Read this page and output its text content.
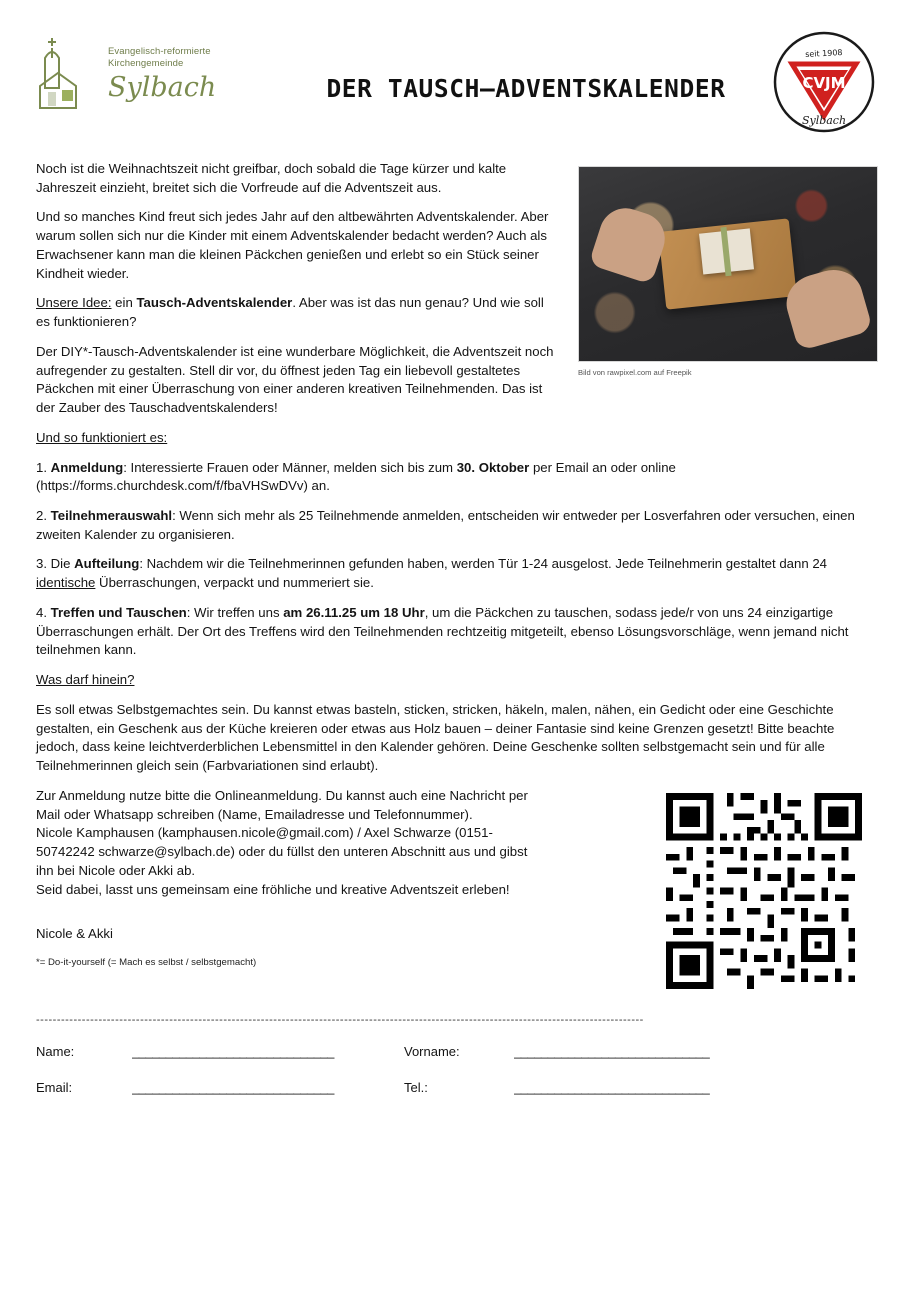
Evangelisch-reformierte
Kirchengemeinde
Sylbach	DER TAUSCH—ADVENTSKALENDER	CVJM
seit 1908
Sylbach
Bild von rawpixel.com auf Freepik

Noch ist die Weihnachtszeit nicht greifbar, doch sobald die Tage kürzer und kalte Jahreszeit einzieht, breitet sich die Vorfreude auf die Adventszeit aus.

Und so manches Kind freut sich jedes Jahr auf den altbewährten Adventskalender. Aber warum sollen sich nur die Kinder mit einem Adventskalender bedacht werden? Auch als Erwachsener kann man die kleinen Päckchen genießen und erlebt so ein Stück seiner Kindheit wieder.

Unsere Idee: ein Tausch-Adventskalender. Aber was ist das nun genau? Und wie soll es funktionieren?

Der DIY*-Tausch-Adventskalender ist eine wunderbare Möglichkeit, die Adventszeit noch aufregender zu gestalten. Stell dir vor, du öffnest jeden Tag ein liebevoll gestaltetes Päckchen mit einer Überraschung von einer anderen kreativen Teilnehmenden. Das ist der Zauber des Tauschadventskalenders!

Und so funktioniert es:

1. Anmeldung: Interessierte Frauen oder Männer, melden sich bis zum 30. Oktober per Email an oder online (https://forms.churchdesk.com/f/fbaVHSwDVv) an.

2. Teilnehmerauswahl: Wenn sich mehr als 25 Teilnehmende anmelden, entscheiden wir entweder per Losverfahren oder versuchen, einen zweiten Kalender zu organisieren.

3. Die Aufteilung: Nachdem wir die Teilnehmerinnen gefunden haben, werden Tür 1-24 ausgelost. Jede Teilnehmerin gestaltet dann 24 identische Überraschungen, verpackt und nummeriert sie.

4. Treffen und Tauschen: Wir treffen uns am 26.11.25 um 18 Uhr, um die Päckchen zu tauschen, sodass jede/r von uns 24 einzigartige Überraschungen erhält. Der Ort des Treffens wird den Teilnehmenden rechtzeitig mitgeteilt, ebenso Lösungsvorschläge, wenn jemand nicht teilnehmen kann.

Was darf hinein?

Es soll etwas Selbstgemachtes sein. Du kannst etwas basteln, sticken, stricken, häkeln, malen, nähen, ein Gedicht oder eine Geschichte gestalten, ein Geschenk aus der Küche kreieren oder etwas aus Holz bauen – deiner Fantasie sind keine Grenzen gesetzt! Bitte beachte jedoch, dass keine leichtverderblichen Lebensmittel in den Kalender gehören. Deine Geschenke sollten selbstgemacht sein und für alle Teilnehmerinnen gleich sein (Farbvariationen sind erlaubt).

Zur Anmeldung nutze bitte die Onlineanmeldung. Du kannst auch eine Nachricht per
Mail oder Whatsapp schreiben (Name, Emailadresse und Telefonnummer).
Nicole Kamphausen (kamphausen.nicole@gmail.com) / Axel Schwarze (0151-
50742242 schwarze@sylbach.de) oder du füllst den unteren Abschnitt aus und gibst
ihn bei Nicole oder Akki ab.
Seid dabei, lasst uns gemeinsam eine fröhliche und kreative Adventszeit erleben!

Nicole & Akki
*= Do-it-yourself (= Mach es selbst / selbstgemacht)
--------------------------------------------------------------------------------------------------------------------------------------------------
Name:	______________________________	Vorname:	_____________________________
Email:	______________________________	Tel.:	_____________________________
